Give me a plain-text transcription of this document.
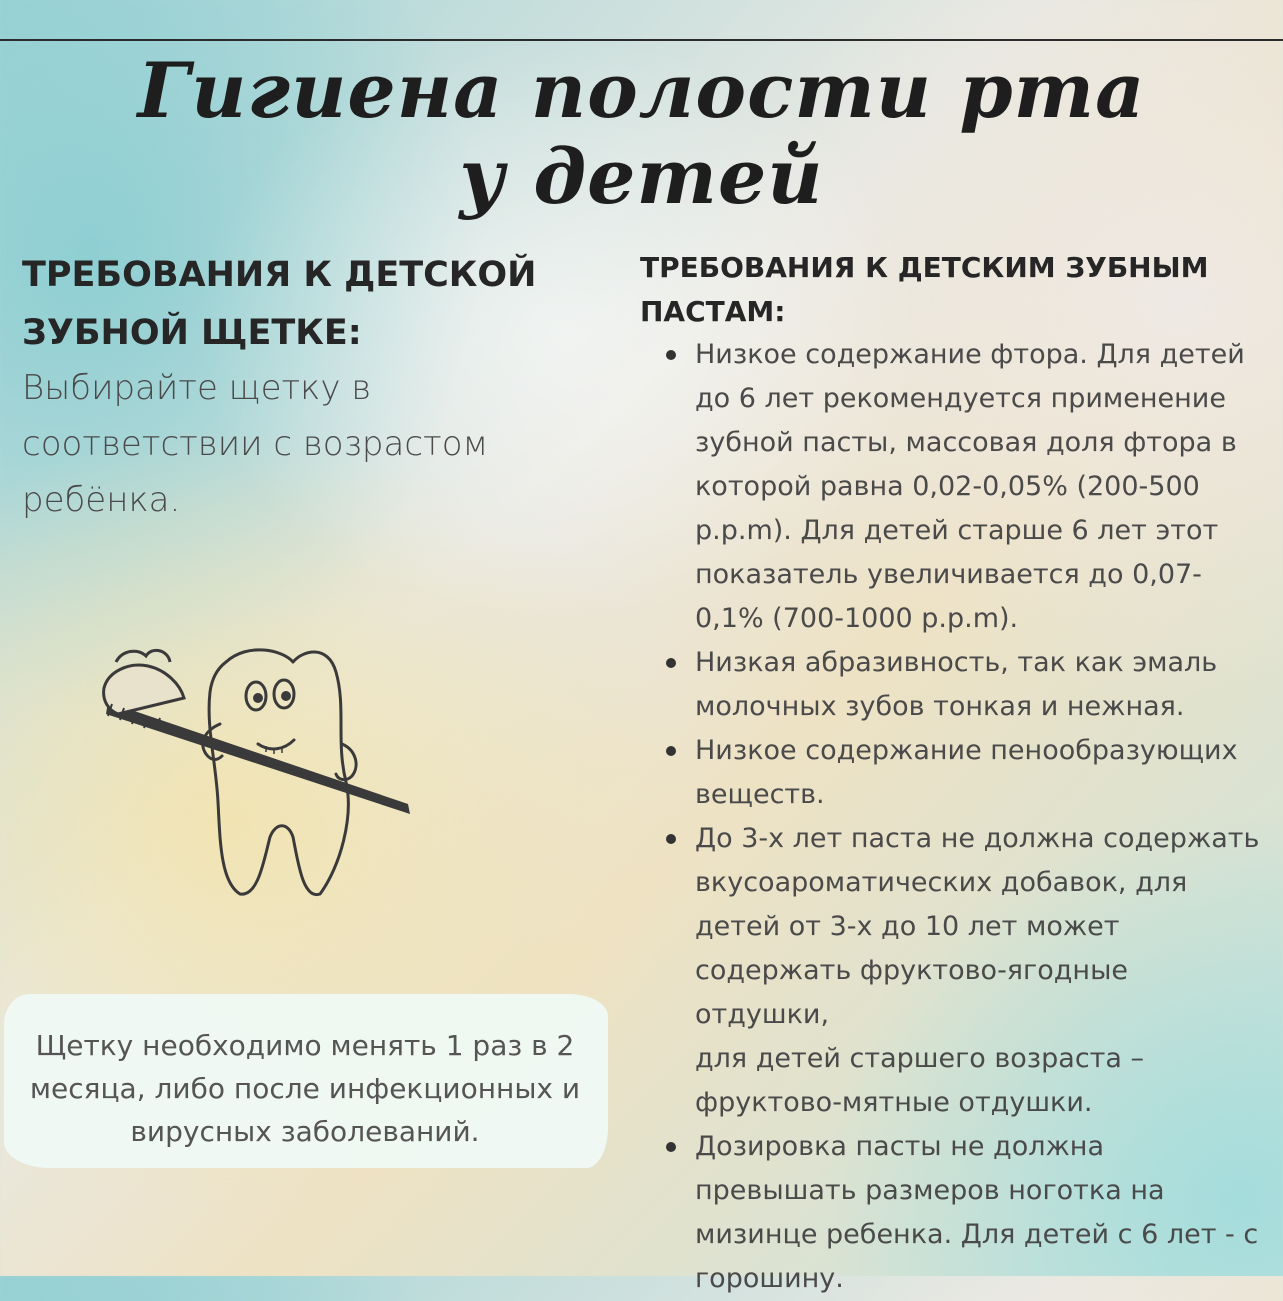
Гигиена полости рта
у детей
ТРЕБОВАНИЯ К ДЕТСКОЙ
ЗУБНОЙ ЩЕТКЕ:
Выбирайте щетку в
соответствии с возрастом
ребёнка.
Щетку необходимо менять 1 раз в 2
месяца, либо после инфекционных и
вирусных заболеваний.
ТРЕБОВАНИЯ К ДЕТСКИМ ЗУБНЫМ
ПАСТАМ:
Низкое содержание фтора. Для детей
до 6 лет рекомендуется применение
зубной пасты, массовая доля фтора в
которой равна 0,02-0,05% (200-500
p.p.m). Для детей старше 6 лет этот
показатель увеличивается до 0,07-
0,1% (700-1000 p.p.m).
Низкая абразивность, так как эмаль
молочных зубов тонкая и нежная.
Низкое содержание пенообразующих
веществ.
До 3-х лет паста не должна содержать
вкусоароматических добавок, для
детей от 3-х до 10 лет может
содержать фруктово-ягодные отдушки,
для детей старшего возраста –
фруктово-мятные отдушки.
Дозировка пасты не должна
превышать размеров ноготка на
мизинце ребенка. Для детей с 6 лет - с
горошину.
